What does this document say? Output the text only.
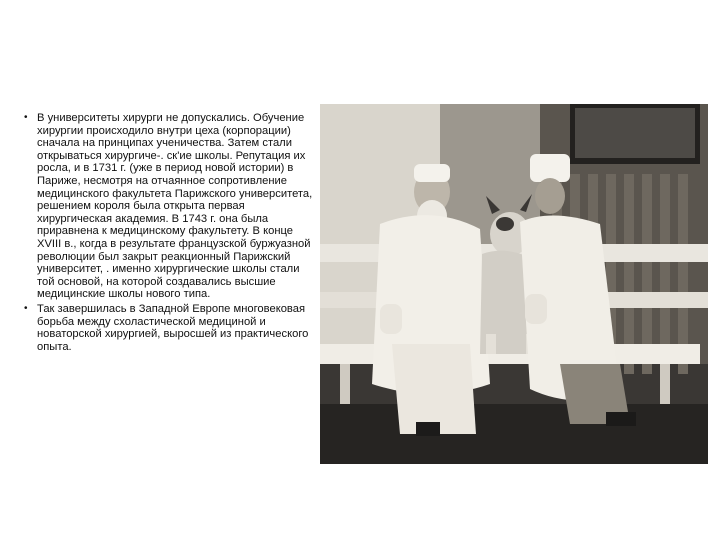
• В университеты хирурги не допускались. Обучение хирургии происходило внутри цеха (корпорации) сначала на принципах ученичества. Затем стали открываться хирургиче-. ск'ие школы. Репутация их росла, и в 1731 г. (уже в период новой истории) в Париже, несмотря на отчаянное сопротивление медицинского факультета Парижского университета, решением короля была открыта первая хирургическая академия. В 1743 г. она была приравнена к медицинскому факультету. В конце XVIII в., когда в результате французской буржуазной революции был закрыт реакционный Парижский университет, . именно хирургические школы стали той основой, на которой создавались высшие медицинские школы нового типа.
• Так завершилась в Западной Европе многовековая борьба между схоластической медициной и новаторской хирургией, выросшей из практического опыта.
